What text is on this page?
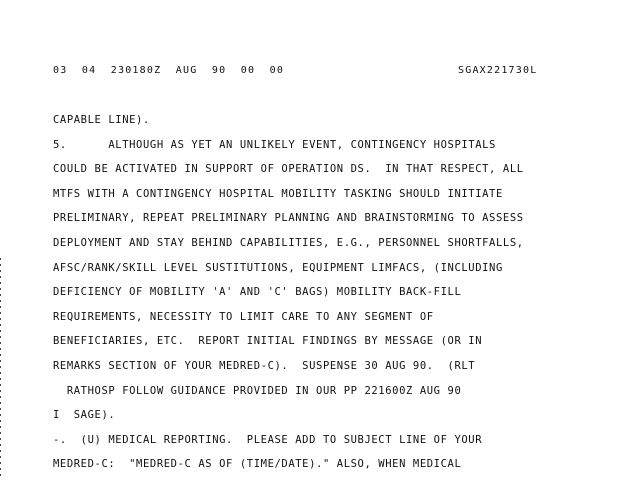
03  04  230180Z  AUG  90  00  00	SGAX221730L
CAPABLE LINE).
5.      ALTHOUGH AS YET AN UNLIKELY EVENT, CONTINGENCY HOSPITALS
COULD BE ACTIVATED IN SUPPORT OF OPERATION DS.  IN THAT RESPECT, ALL
MTFS WITH A CONTINGENCY HOSPITAL MOBILITY TASKING SHOULD INITIATE
PRELIMINARY, REPEAT PRELIMINARY PLANNING AND BRAINSTORMING TO ASSESS
DEPLOYMENT AND STAY BEHIND CAPABILITIES, E.G., PERSONNEL SHORTFALLS,
AFSC/RANK/SKILL LEVEL SUSTITUTIONS, EQUIPMENT LIMFACS, (INCLUDING
DEFICIENCY OF MOBILITY 'A' AND 'C' BAGS) MOBILITY BACK-FILL
REQUIREMENTS, NECESSITY TO LIMIT CARE TO ANY SEGMENT OF
BENEFICIARIES, ETC.  REPORT INITIAL FINDINGS BY MESSAGE (OR IN
REMARKS SECTION OF YOUR MEDRED-C).  SUSPENSE 30 AUG 90.  (RLT
RATHOSP FOLLOW GUIDANCE PROVIDED IN OUR PP 221600Z AUG 90
I  SAGE).
-.  (U) MEDICAL REPORTING.  PLEASE ADD TO SUBJECT LINE OF YOUR
MEDRED-C:  "MEDRED-C AS OF (TIME/DATE)." ALSO, WHEN MEDICAL
